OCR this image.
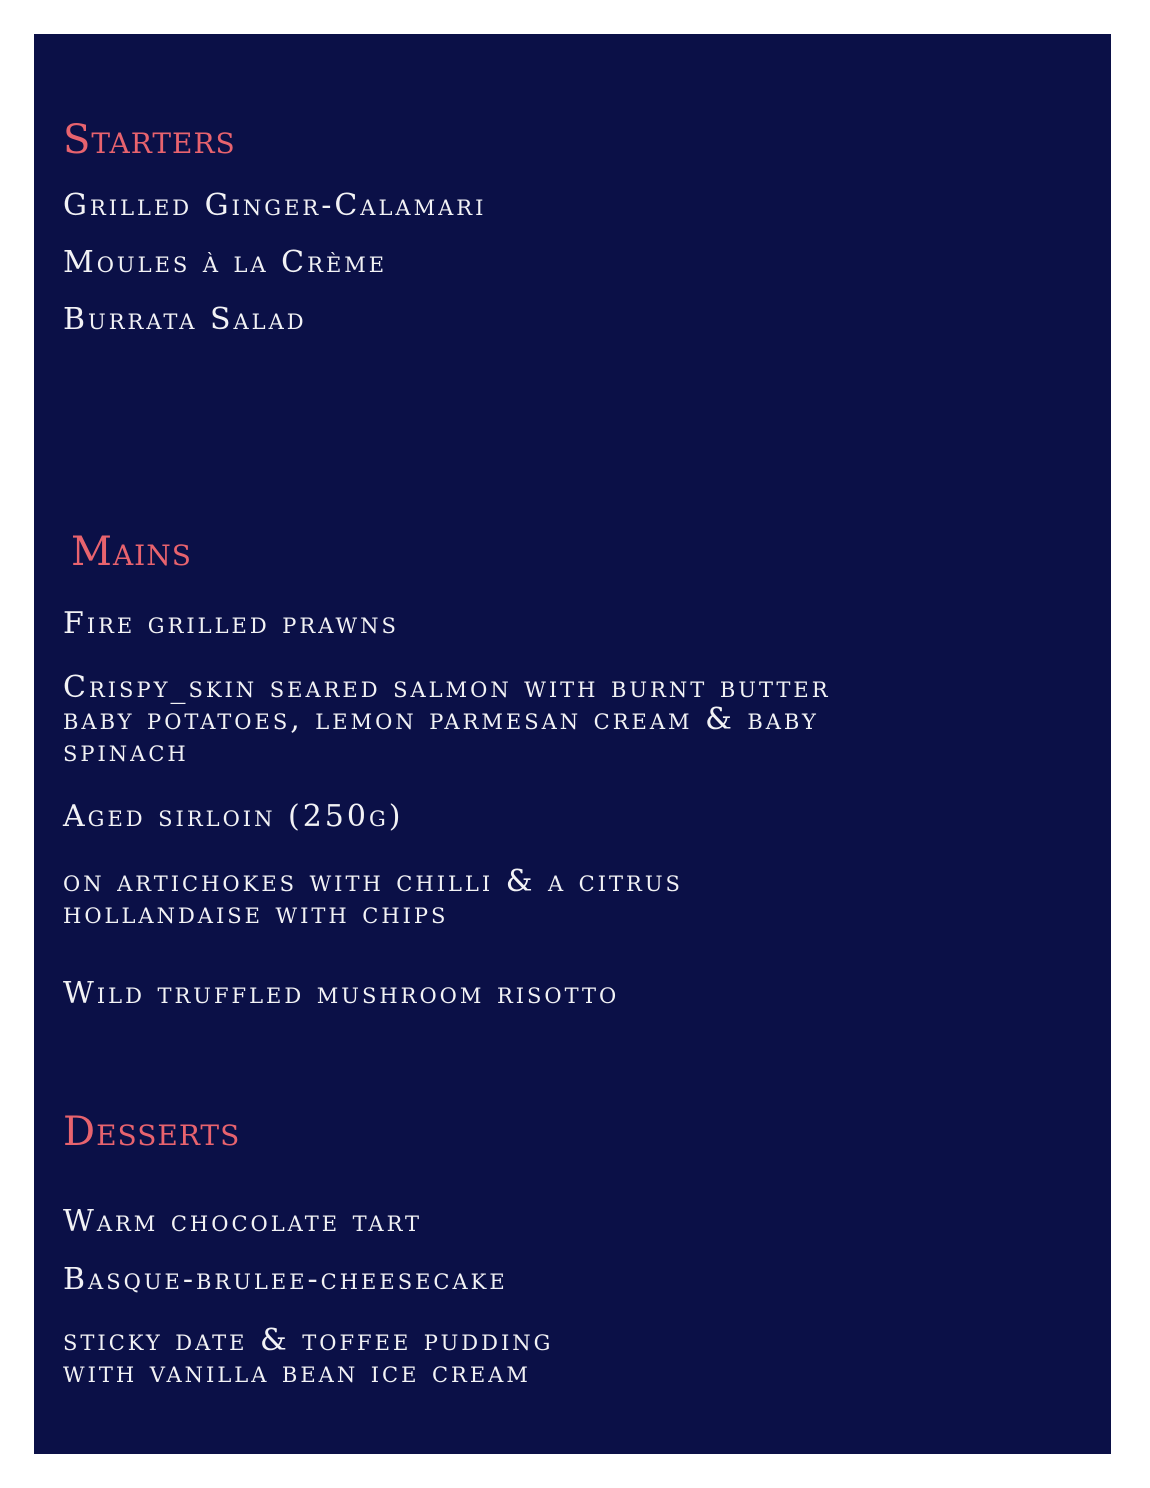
Starters

Grilled Ginger-Calamari

Moules à la Crème

Burrata Salad

Mains

Fire grilled prawns

Crispy_skin seared salmon with burnt butter
baby potatoes, lemon parmesan cream & baby
spinach

Aged sirloin (250g)

on artichokes with chilli & a citrus
hollandaise with chips

Wild truffled mushroom risotto

Desserts

Warm chocolate tart

Basque-brulee-cheesecake

sticky date & toffee pudding
with vanilla bean ice cream
